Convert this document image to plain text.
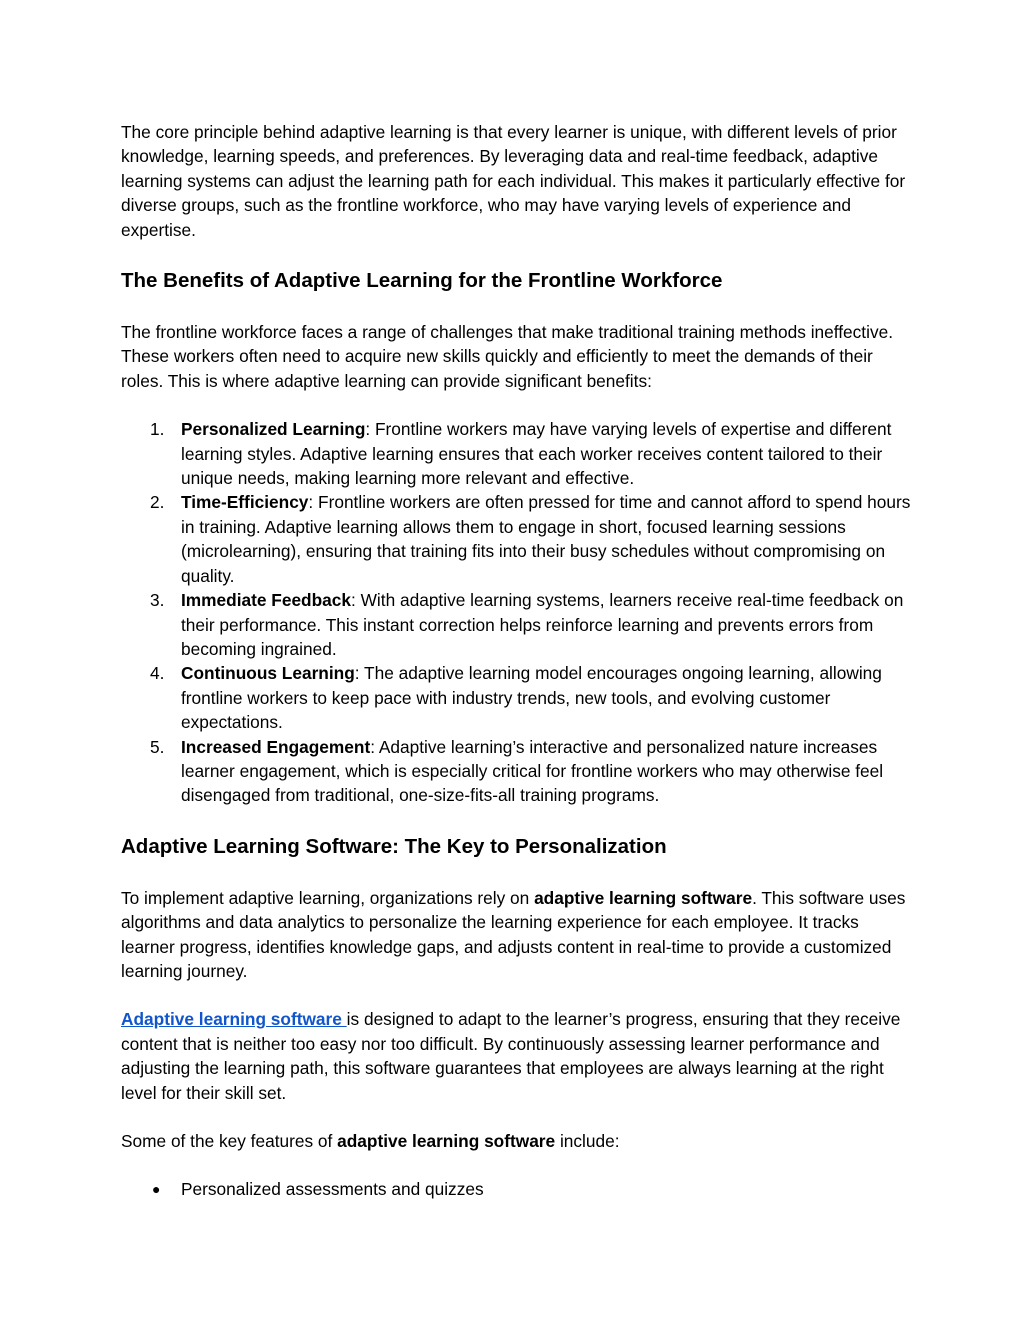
The core principle behind adaptive learning is that every learner is unique, with different levels of prior knowledge, learning speeds, and preferences. By leveraging data and real-time feedback, adaptive learning systems can adjust the learning path for each individual. This makes it particularly effective for diverse groups, such as the frontline workforce, who may have varying levels of experience and expertise.

The Benefits of Adaptive Learning for the Frontline Workforce

The frontline workforce faces a range of challenges that make traditional training methods ineffective. These workers often need to acquire new skills quickly and efficiently to meet the demands of their roles. This is where adaptive learning can provide significant benefits:

1. Personalized Learning: Frontline workers may have varying levels of expertise and different learning styles. Adaptive learning ensures that each worker receives content tailored to their unique needs, making learning more relevant and effective.
2. Time-Efficiency: Frontline workers are often pressed for time and cannot afford to spend hours in training. Adaptive learning allows them to engage in short, focused learning sessions (microlearning), ensuring that training fits into their busy schedules without compromising on quality.
3. Immediate Feedback: With adaptive learning systems, learners receive real-time feedback on their performance. This instant correction helps reinforce learning and prevents errors from becoming ingrained.
4. Continuous Learning: The adaptive learning model encourages ongoing learning, allowing frontline workers to keep pace with industry trends, new tools, and evolving customer expectations.
5. Increased Engagement: Adaptive learning’s interactive and personalized nature increases learner engagement, which is especially critical for frontline workers who may otherwise feel disengaged from traditional, one-size-fits-all training programs.
Adaptive Learning Software: The Key to Personalization

To implement adaptive learning, organizations rely on adaptive learning software. This software uses algorithms and data analytics to personalize the learning experience for each employee. It tracks learner progress, identifies knowledge gaps, and adjusts content in real-time to provide a customized learning journey.

Adaptive learning software is designed to adapt to the learner’s progress, ensuring that they receive content that is neither too easy nor too difficult. By continuously assessing learner performance and adjusting the learning path, this software guarantees that employees are always learning at the right level for their skill set.

Some of the key features of adaptive learning software include:

● Personalized assessments and quizzes
